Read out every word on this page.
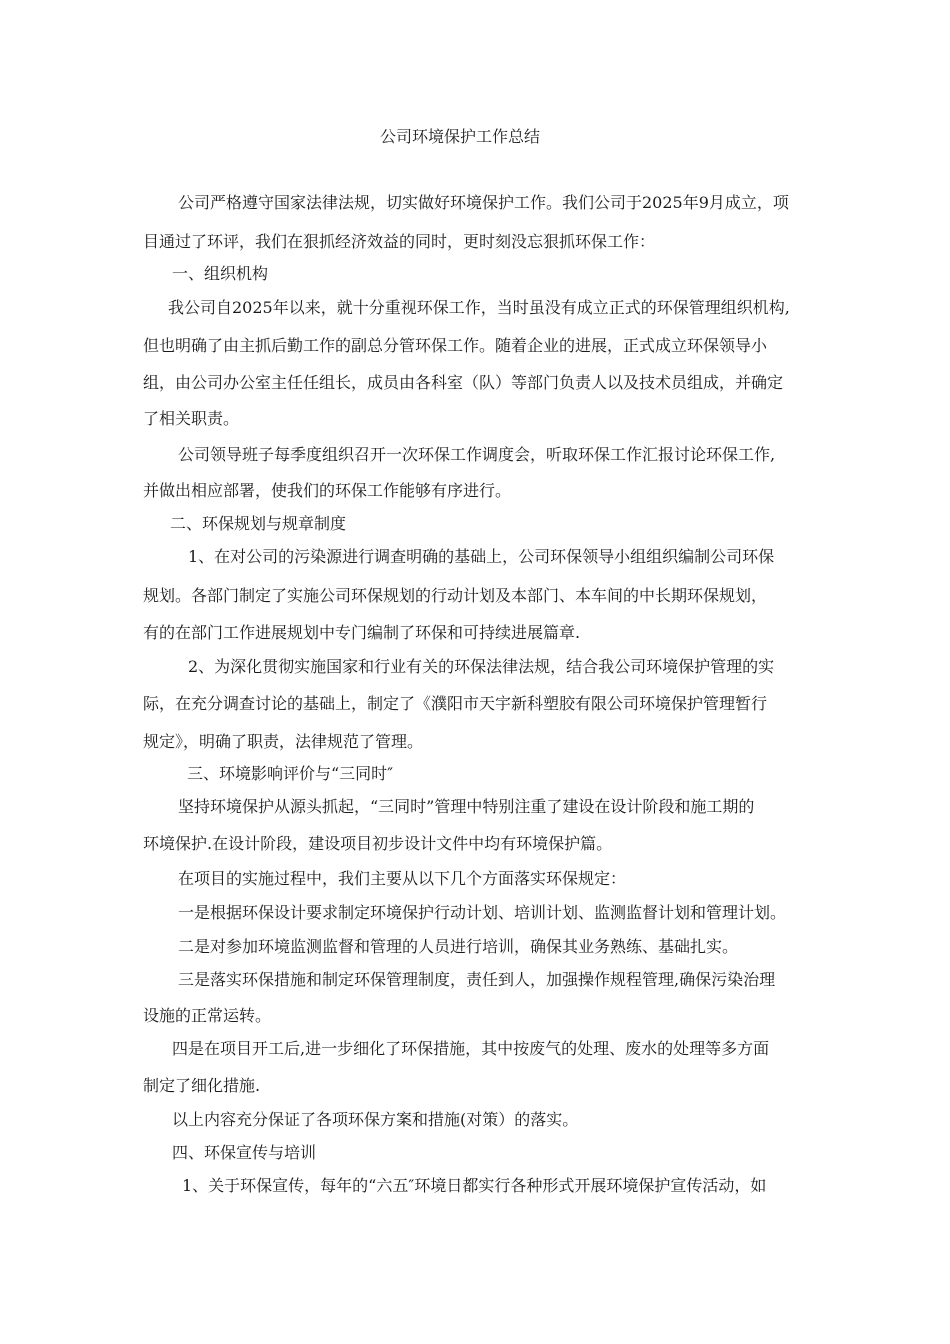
公司环境保护工作总结
公司严格遵守国家法律法规，切实做好环境保护工作。我们公司于2025年9月成立，项
目通过了环评，我们在狠抓经济效益的同时，更时刻没忘狠抓环保工作：
一、组织机构
我公司自2025年以来，就十分重视环保工作，当时虽没有成立正式的环保管理组织机构,
但也明确了由主抓后勤工作的副总分管环保工作。随着企业的进展，正式成立环保领导小
组，由公司办公室主任任组长，成员由各科室（队）等部门负责人以及技术员组成，并确定
了相关职责。
公司领导班子每季度组织召开一次环保工作调度会，听取环保工作汇报讨论环保工作,
并做出相应部署，使我们的环保工作能够有序进行。
二、环保规划与规章制度
1、在对公司的污染源进行调查明确的基础上，公司环保领导小组组织编制公司环保
规划。各部门制定了实施公司环保规划的行动计划及本部门、本车间的中长期环保规划，
有的在部门工作进展规划中专门编制了环保和可持续进展篇章.
2、为深化贯彻实施国家和行业有关的环保法律法规，结合我公司环境保护管理的实
际，在充分调查讨论的基础上，制定了《濮阳市天宇新科塑胶有限公司环境保护管理暂行
规定》，明确了职责，法律规范了管理。
三、环境影响评价与“三同时″
坚持环境保护从源头抓起，“三同时”管理中特别注重了建设在设计阶段和施工期的
环境保护.在设计阶段，建设项目初步设计文件中均有环境保护篇。
在项目的实施过程中，我们主要从以下几个方面落实环保规定：
一是根据环保设计要求制定环境保护行动计划、培训计划、监测监督计划和管理计划。
二是对参加环境监测监督和管理的人员进行培训，确保其业务熟练、基础扎实。
三是落实环保措施和制定环保管理制度，责任到人，加强操作规程管理,确保污染治理
设施的正常运转。
四是在项目开工后,进一步细化了环保措施，其中按废气的处理、废水的处理等多方面
制定了细化措施.
以上内容充分保证了各项环保方案和措施(对策）的落实。
四、环保宣传与培训
1、关于环保宣传，每年的“六五″环境日都实行各种形式开展环境保护宣传活动，如
